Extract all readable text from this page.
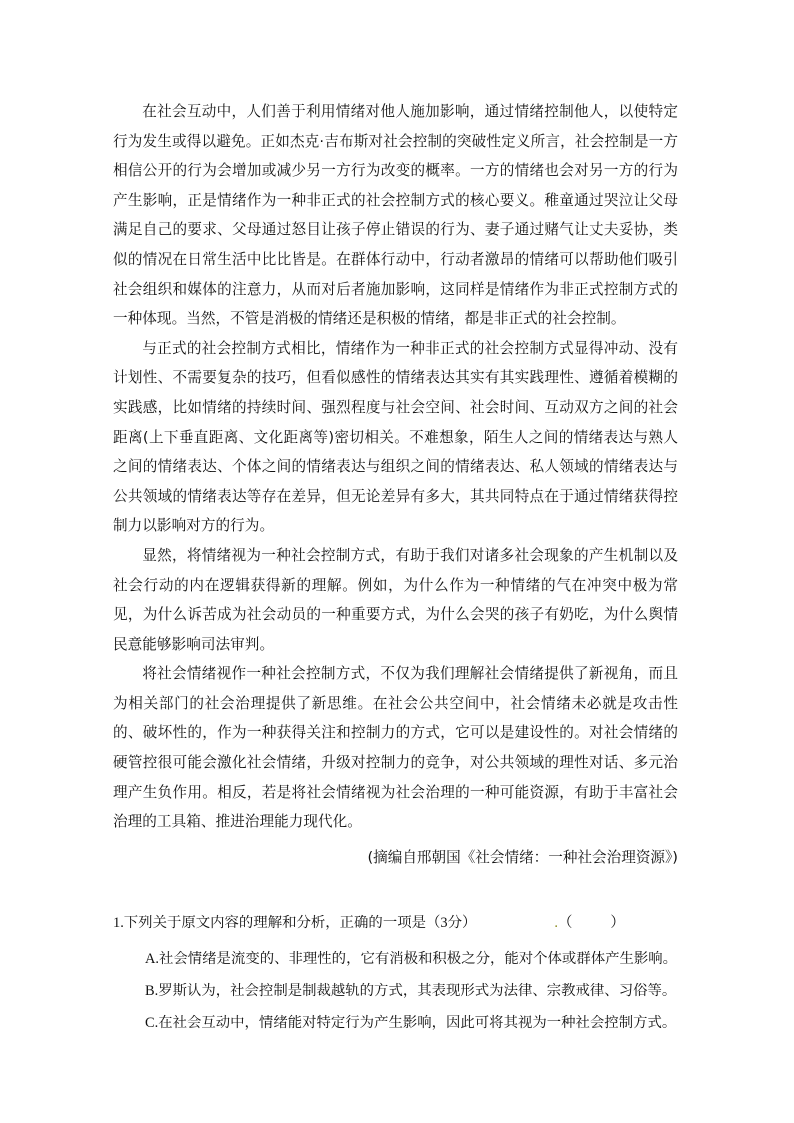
在社会互动中，人们善于利用情绪对他人施加影响，通过情绪控制他人，以使特定行为发生或得以避免。正如杰克·吉布斯对社会控制的突破性定义所言，社会控制是一方相信公开的行为会增加或减少另一方行为改变的概率。一方的情绪也会对另一方的行为产生影响，正是情绪作为一种非正式的社会控制方式的核心要义。稚童通过哭泣让父母满足自己的要求、父母通过怒目让孩子停止错误的行为、妻子通过赌气让丈夫妥协，类似的情况在日常生活中比比皆是。在群体行动中，行动者激昂的情绪可以帮助他们吸引社会组织和媒体的注意力，从而对后者施加影响，这同样是情绪作为非正式控制方式的一种体现。当然，不管是消极的情绪还是积极的情绪，都是非正式的社会控制。

与正式的社会控制方式相比，情绪作为一种非正式的社会控制方式显得冲动、没有计划性、不需要复杂的技巧，但看似感性的情绪表达其实有其实践理性、遵循着模糊的实践感，比如情绪的持续时间、强烈程度与社会空间、社会时间、互动双方之间的社会距离(上下垂直距离、文化距离等)密切相关。不难想象，陌生人之间的情绪表达与熟人之间的情绪表达、个体之间的情绪表达与组织之间的情绪表达、私人领域的情绪表达与公共领域的情绪表达等存在差异，但无论差异有多大，其共同特点在于通过情绪获得控制力以影响对方的行为。

显然，将情绪视为一种社会控制方式，有助于我们对诸多社会现象的产生机制以及社会行动的内在逻辑获得新的理解。例如，为什么作为一种情绪的气在冲突中极为常见，为什么诉苦成为社会动员的一种重要方式，为什么会哭的孩子有奶吃，为什么舆情民意能够影响司法审判。

将社会情绪视作一种社会控制方式，不仅为我们理解社会情绪提供了新视角，而且为相关部门的社会治理提供了新思维。在社会公共空间中，社会情绪未必就是攻击性的、破坏性的，作为一种获得关注和控制力的方式，它可以是建设性的。对社会情绪的硬管控很可能会激化社会情绪，升级对控制力的竞争，对公共领域的理性对话、多元治理产生负作用。相反，若是将社会情绪视为社会治理的一种可能资源，有助于丰富社会治理的工具箱、推进治理能力现代化。

(摘编自邢朝国《社会情绪：一种社会治理资源》)

1.下列关于原文内容的理解和分析，正确的一项是（3分）	.（	）

A.社会情绪是流变的、非理性的，它有消极和积极之分，能对个体或群体产生影响。
B.罗斯认为，社会控制是制裁越轨的方式，其表现形式为法律、宗教戒律、习俗等。
C.在社会互动中，情绪能对特定行为产生影响，因此可将其视为一种社会控制方式。
